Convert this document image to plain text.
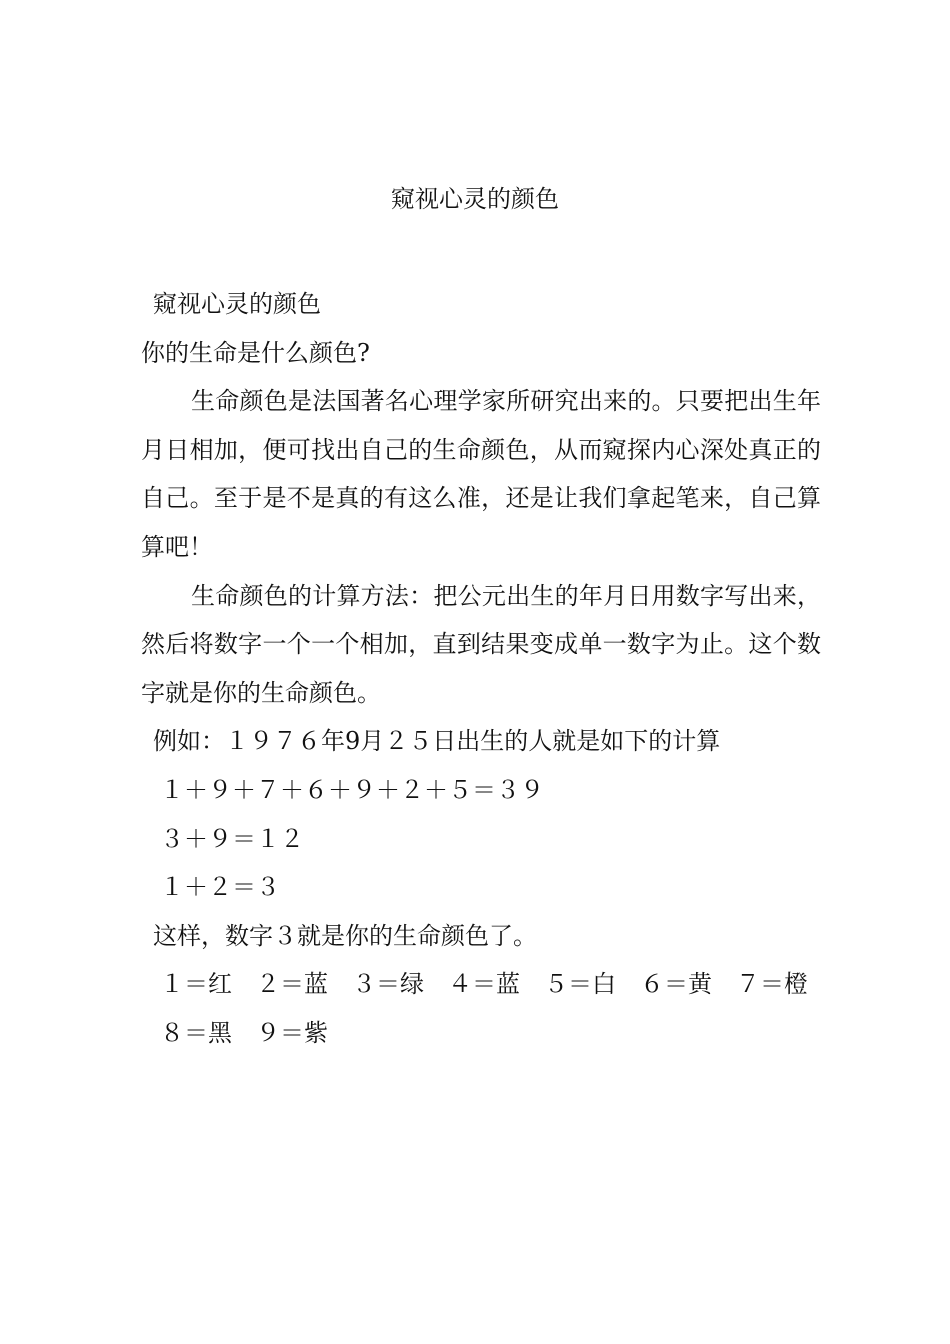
窥视心灵的颜色

窥视心灵的颜色

你的生命是什么颜色?

生命颜色是法国著名心理学家所研究出来的。只要把出生年月日相加，便可找出自己的生命颜色，从而窥探内心深处真正的自己。至于是不是真的有这么准，还是让我们拿起笔来，自己算算吧！

生命颜色的计算方法：把公元出生的年月日用数字写出来，然后将数字一个一个相加，直到结果变成单一数字为止。这个数字就是你的生命颜色。

例如：１９７６年9月２５日出生的人就是如下的计算

１＋９＋７＋６＋９＋２＋５＝３９

３＋９＝１２

１＋２＝３

这样，数字３就是你的生命颜色了。

１＝红　２＝蓝　３＝绿　４＝蓝　５＝白　６＝黄　７＝橙　８＝黑　９＝紫
